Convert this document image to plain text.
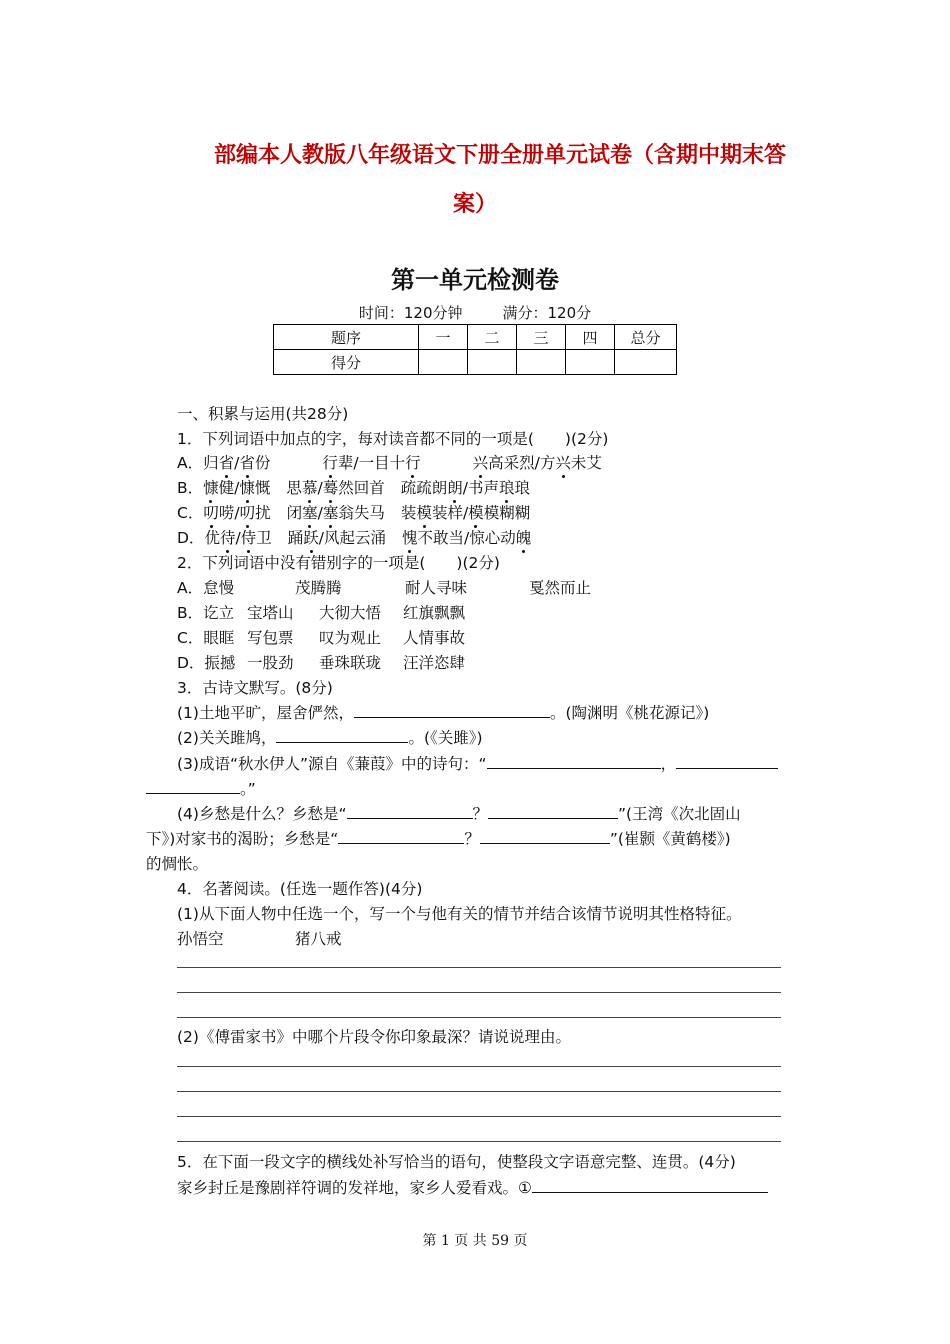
部编本人教版八年级语文下册全册单元试卷（含期中期末答
案）
第一单元检测卷
时间：120分钟	满分：120分
题序	一	二	三	四	总分
得分					
一、积累与运用(共28分)
1．下列词语中加点的字，每对读音都不同的一项是(　　)(2分)
A．归省/省份	行辈/一目十行	兴高采烈/方兴未艾
B．慷健/慷慨 思慕/蓦然回首 疏疏朗朗/书声琅琅
C．叨唠/叨扰 闭塞/塞翁失马 装模装样/模模糊糊
D．优待/侍卫 踊跃/风起云涌 愧不敢当/惊心动魄
2．下列词语中没有错别字的一项是(　　)(2分)
A．怠慢	茂腾腾	耐人寻味	戛然而止
B．讫立 宝塔山 大彻大悟 红旗飘飘
C．眼眶 写包票 叹为观止 人情事故
D．振撼 一股劲 垂珠联珑 汪洋恣肆
3．古诗文默写。(8分)
(1)土地平旷，屋舍俨然，	。(陶渊明《桃花源记》)
(2)关关雎鸠，	。(《关雎》)
(3)成语“秋水伊人”源自《蒹葭》中的诗句：“	，
。”
(4)乡愁是什么？乡愁是“	？	”(王湾《次北固山
下》)对家书的渴盼；乡愁是“	？	”(崔颢《黄鹤楼》)
的惆怅。
4．名著阅读。(任选一题作答)(4分)
(1)从下面人物中任选一个，写一个与他有关的情节并结合该情节说明其性格特征。
孙悟空	猪八戒
(2)《傅雷家书》中哪个片段令你印象最深？请说说理由。
5．在下面一段文字的横线处补写恰当的语句，使整段文字语意完整、连贯。(4分)
家乡封丘是豫剧祥符调的发祥地，家乡人爱看戏。①
第 1 页 共 59 页
